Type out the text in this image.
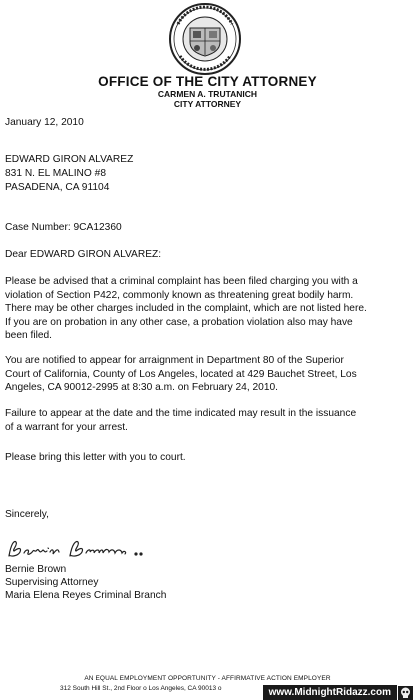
OFFICE OF THE CITY ATTORNEY
CARMEN A. TRUTANICH
CITY ATTORNEY
January 12, 2010
EDWARD GIRON ALVAREZ
831 N. EL MALINO #8
PASADENA, CA 91104
Case Number: 9CA12360
Dear EDWARD GIRON ALVAREZ:
Please be advised that a criminal complaint has been filed charging you with a
violation of Section P422, commonly known as threatening great bodily harm.
There may be other charges included in the complaint, which are not listed here.
If you are on probation in any other case, a probation violation also may have
been filed.
You are notified to appear for arraignment in Department 80 of the Superior
Court of California, County of Los Angeles, located at 429 Bauchet Street, Los
Angeles, CA 90012-2995 at 8:30 a.m. on February 24, 2010.
Failure to appear at the date and the time indicated may result in the issuance
of a warrant for your arrest.
Please bring this letter with you to court.
Sincerely,
Bernie Brown
Supervising Attorney
Maria Elena Reyes Criminal Branch
AN EQUAL EMPLOYMENT OPPORTUNITY - AFFIRMATIVE ACTION EMPLOYER
312 South Hill St., 2nd Floor o Los Angeles, CA 90013 o	www.MidnightRidazz.com
